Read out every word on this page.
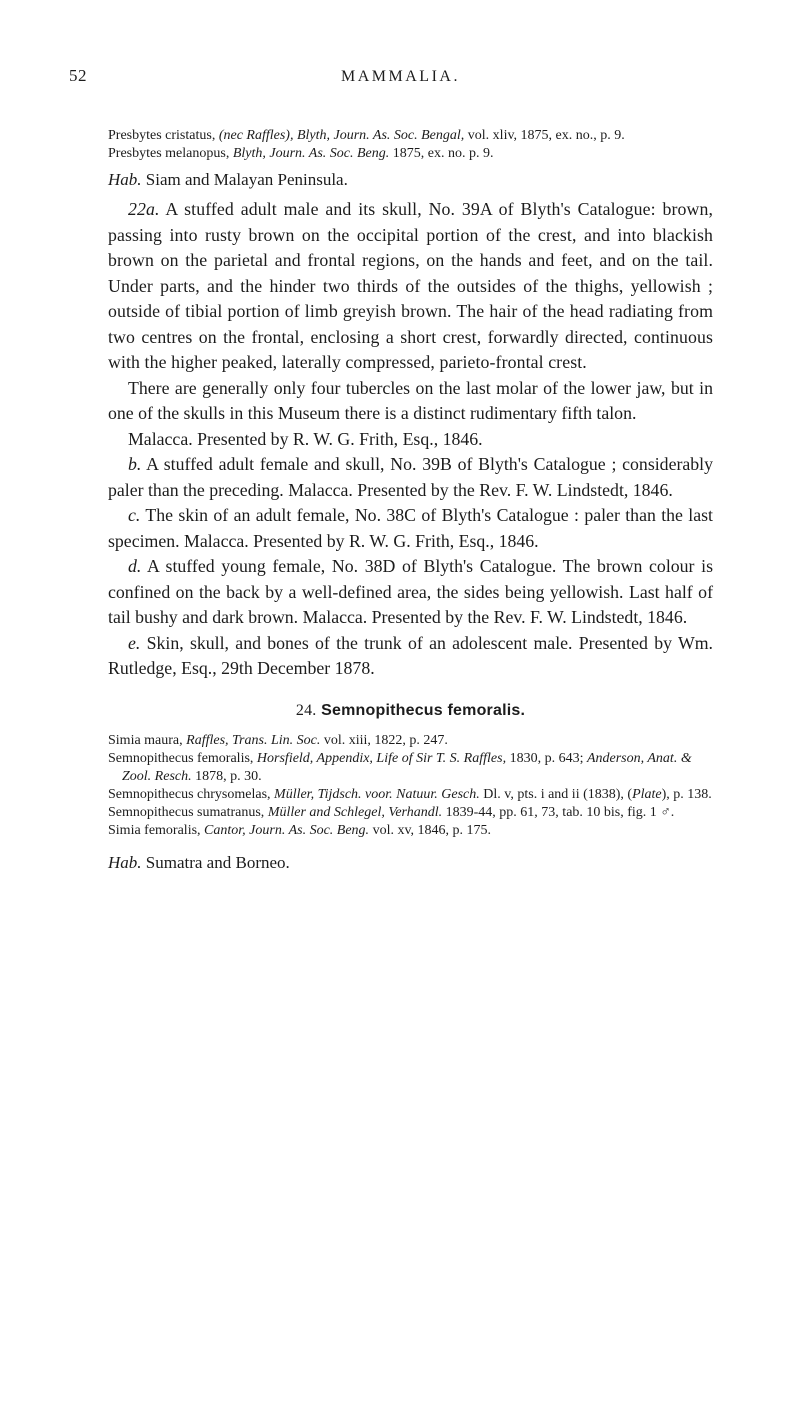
52	MAMMALIA.

Presbytes cristatus, (nec Raffles), Blyth, Journ. As. Soc. Bengal, vol. xliv, 1875, ex. no., p. 9.

Presbytes melanopus, Blyth, Journ. As. Soc. Beng. 1875, ex. no. p. 9.

Hab. Siam and Malayan Peninsula.

22a. A stuffed adult male and its skull, No. 39A of Blyth's Catalogue: brown, passing into rusty brown on the occipital portion of the crest, and into blackish brown on the parietal and frontal regions, on the hands and feet, and on the tail. Under parts, and the hinder two thirds of the outsides of the thighs, yellowish ; outside of tibial portion of limb greyish brown. The hair of the head radiating from two centres on the frontal, enclosing a short crest, forwardly directed, continuous with the higher peaked, laterally compressed, parieto-frontal crest.

There are generally only four tubercles on the last molar of the lower jaw, but in one of the skulls in this Museum there is a distinct rudimentary fifth talon.

Malacca. Presented by R. W. G. Frith, Esq., 1846.

b. A stuffed adult female and skull, No. 39B of Blyth's Catalogue ; considerably paler than the preceding. Malacca. Presented by the Rev. F. W. Lindstedt, 1846.

c. The skin of an adult female, No. 38C of Blyth's Catalogue : paler than the last specimen. Malacca. Presented by R. W. G. Frith, Esq., 1846.

d. A stuffed young female, No. 38D of Blyth's Catalogue. The brown colour is confined on the back by a well-defined area, the sides being yellowish. Last half of tail bushy and dark brown. Malacca. Presented by the Rev. F. W. Lindstedt, 1846.

e. Skin, skull, and bones of the trunk of an adolescent male. Presented by Wm. Rutledge, Esq., 29th December 1878.

24. Semnopithecus femoralis.

Simia maura, Raffles, Trans. Lin. Soc. vol. xiii, 1822, p. 247.

Semnopithecus femoralis, Horsfield, Appendix, Life of Sir T. S. Raffles, 1830, p. 643; Anderson, Anat. & Zool. Resch. 1878, p. 30.

Semnopithecus chrysomelas, Müller, Tijdsch. voor. Natuur. Gesch. Dl. v, pts. i and ii (1838), (Plate), p. 138.

Semnopithecus sumatranus, Müller and Schlegel, Verhandl. 1839-44, pp. 61, 73, tab. 10 bis, fig. 1 ♂.

Simia femoralis, Cantor, Journ. As. Soc. Beng. vol. xv, 1846, p. 175.

Hab. Sumatra and Borneo.
